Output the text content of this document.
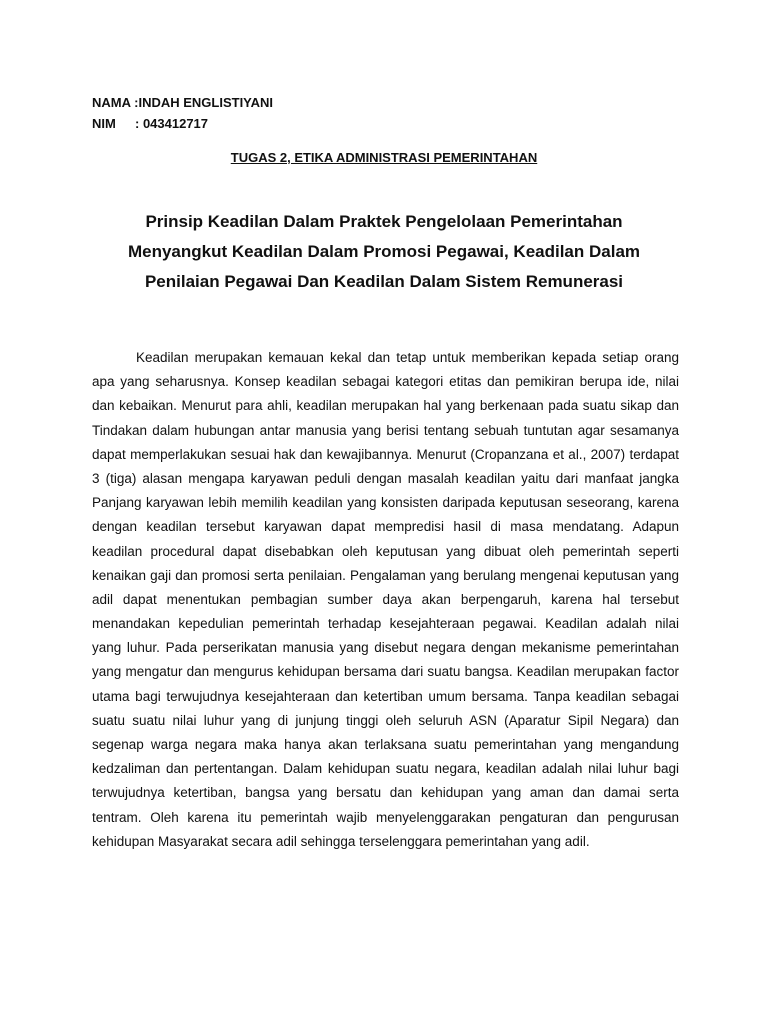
NAMA :INDAH ENGLISTIYANI
NIM : 043412717
TUGAS 2, ETIKA ADMINISTRASI PEMERINTAHAN
Prinsip Keadilan Dalam Praktek Pengelolaan Pemerintahan
Menyangkut Keadilan Dalam Promosi Pegawai, Keadilan Dalam
Penilaian Pegawai Dan Keadilan Dalam Sistem Remunerasi
Keadilan merupakan kemauan kekal dan tetap untuk memberikan kepada setiap orang
apa yang seharusnya. Konsep keadilan sebagai kategori etitas dan pemikiran berupa ide, nilai
dan kebaikan. Menurut para ahli, keadilan merupakan hal yang berkenaan pada suatu sikap dan
Tindakan dalam hubungan antar manusia yang berisi tentang sebuah tuntutan agar sesamanya
dapat memperlakukan sesuai hak dan kewajibannya. Menurut (Cropanzana et al., 2007) terdapat
3 (tiga) alasan mengapa karyawan peduli dengan masalah keadilan yaitu dari manfaat jangka
Panjang karyawan lebih memilih keadilan yang konsisten daripada keputusan seseorang, karena
dengan keadilan tersebut karyawan dapat mempredisi hasil di masa mendatang. Adapun
keadilan procedural dapat disebabkan oleh keputusan yang dibuat oleh pemerintah seperti
kenaikan gaji dan promosi serta penilaian. Pengalaman yang berulang mengenai keputusan yang
adil dapat menentukan pembagian sumber daya akan berpengaruh, karena hal tersebut
menandakan kepedulian pemerintah terhadap kesejahteraan pegawai. Keadilan adalah nilai
yang luhur. Pada perserikatan manusia yang disebut negara dengan mekanisme pemerintahan
yang mengatur dan mengurus kehidupan bersama dari suatu bangsa. Keadilan merupakan factor
utama bagi terwujudnya kesejahteraan dan ketertiban umum bersama. Tanpa keadilan sebagai
suatu suatu nilai luhur yang di junjung tinggi oleh seluruh ASN (Aparatur Sipil Negara) dan
segenap warga negara maka hanya akan terlaksana suatu pemerintahan yang mengandung
kedzaliman dan pertentangan. Dalam kehidupan suatu negara, keadilan adalah nilai luhur bagi
terwujudnya ketertiban, bangsa yang bersatu dan kehidupan yang aman dan damai serta
tentram. Oleh karena itu pemerintah wajib menyelenggarakan pengaturan dan pengurusan
kehidupan Masyarakat secara adil sehingga terselenggara pemerintahan yang adil.
